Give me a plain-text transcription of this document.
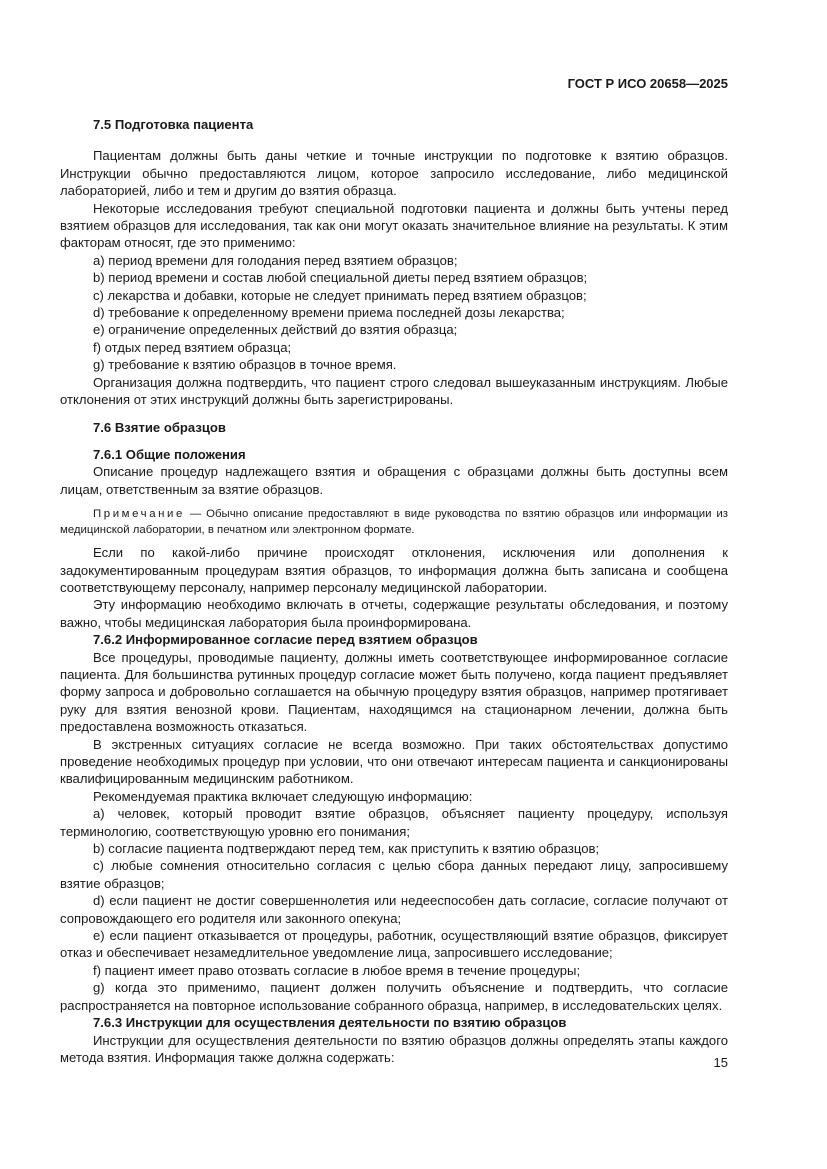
ГОСТ Р ИСО 20658—2025
7.5 Подготовка пациента

Пациентам должны быть даны четкие и точные инструкции по подготовке к взятию образцов. Инструкции обычно предоставляются лицом, которое запросило исследование, либо медицинской лабораторией, либо и тем и другим до взятия образца.

Некоторые исследования требуют специальной подготовки пациента и должны быть учтены перед взятием образцов для исследования, так как они могут оказать значительное влияние на результаты. К этим факторам относят, где это применимо:

а) период времени для голодания перед взятием образцов;
b) период времени и состав любой специальной диеты перед взятием образцов;
c) лекарства и добавки, которые не следует принимать перед взятием образцов;
d) требование к определенному времени приема последней дозы лекарства;
e) ограничение определенных действий до взятия образца;
f) отдых перед взятием образца;
g) требование к взятию образцов в точное время.

Организация должна подтвердить, что пациент строго следовал вышеуказанным инструкциям. Любые отклонения от этих инструкций должны быть зарегистрированы.

7.6 Взятие образцов
7.6.1 Общие положения

Описание процедур надлежащего взятия и обращения с образцами должны быть доступны всем лицам, ответственным за взятие образцов.

Примечание — Обычно описание предоставляют в виде руководства по взятию образцов или информации из медицинской лаборатории, в печатном или электронном формате.

Если по какой-либо причине происходят отклонения, исключения или дополнения к задокументированным процедурам взятия образцов, то информация должна быть записана и сообщена соответствующему персоналу, например персоналу медицинской лаборатории.

Эту информацию необходимо включать в отчеты, содержащие результаты обследования, и поэтому важно, чтобы медицинская лаборатория была проинформирована.

7.6.2 Информированное согласие перед взятием образцов

Все процедуры, проводимые пациенту, должны иметь соответствующее информированное согласие пациента. Для большинства рутинных процедур согласие может быть получено, когда пациент предъявляет форму запроса и добровольно соглашается на обычную процедуру взятия образцов, например протягивает руку для взятия венозной крови. Пациентам, находящимся на стационарном лечении, должна быть предоставлена возможность отказаться.

В экстренных ситуациях согласие не всегда возможно. При таких обстоятельствах допустимо проведение необходимых процедур при условии, что они отвечают интересам пациента и санкционированы квалифицированным медицинским работником.

Рекомендуемая практика включает следующую информацию:

а) человек, который проводит взятие образцов, объясняет пациенту процедуру, используя терминологию, соответствующую уровню его понимания;

b) согласие пациента подтверждают перед тем, как приступить к взятию образцов;

c) любые сомнения относительно согласия с целью сбора данных передают лицу, запросившему взятие образцов;

d) если пациент не достиг совершеннолетия или недееспособен дать согласие, согласие получают от сопровождающего его родителя или законного опекуна;

e) если пациент отказывается от процедуры, работник, осуществляющий взятие образцов, фиксирует отказ и обеспечивает незамедлительное уведомление лица, запросившего исследование;

f) пациент имеет право отозвать согласие в любое время в течение процедуры;

g) когда это применимо, пациент должен получить объяснение и подтвердить, что согласие распространяется на повторное использование собранного образца, например, в исследовательских целях.

7.6.3 Инструкции для осуществления деятельности по взятию образцов

Инструкции для осуществления деятельности по взятию образцов должны определять этапы каждого метода взятия. Информация также должна содержать:	15
